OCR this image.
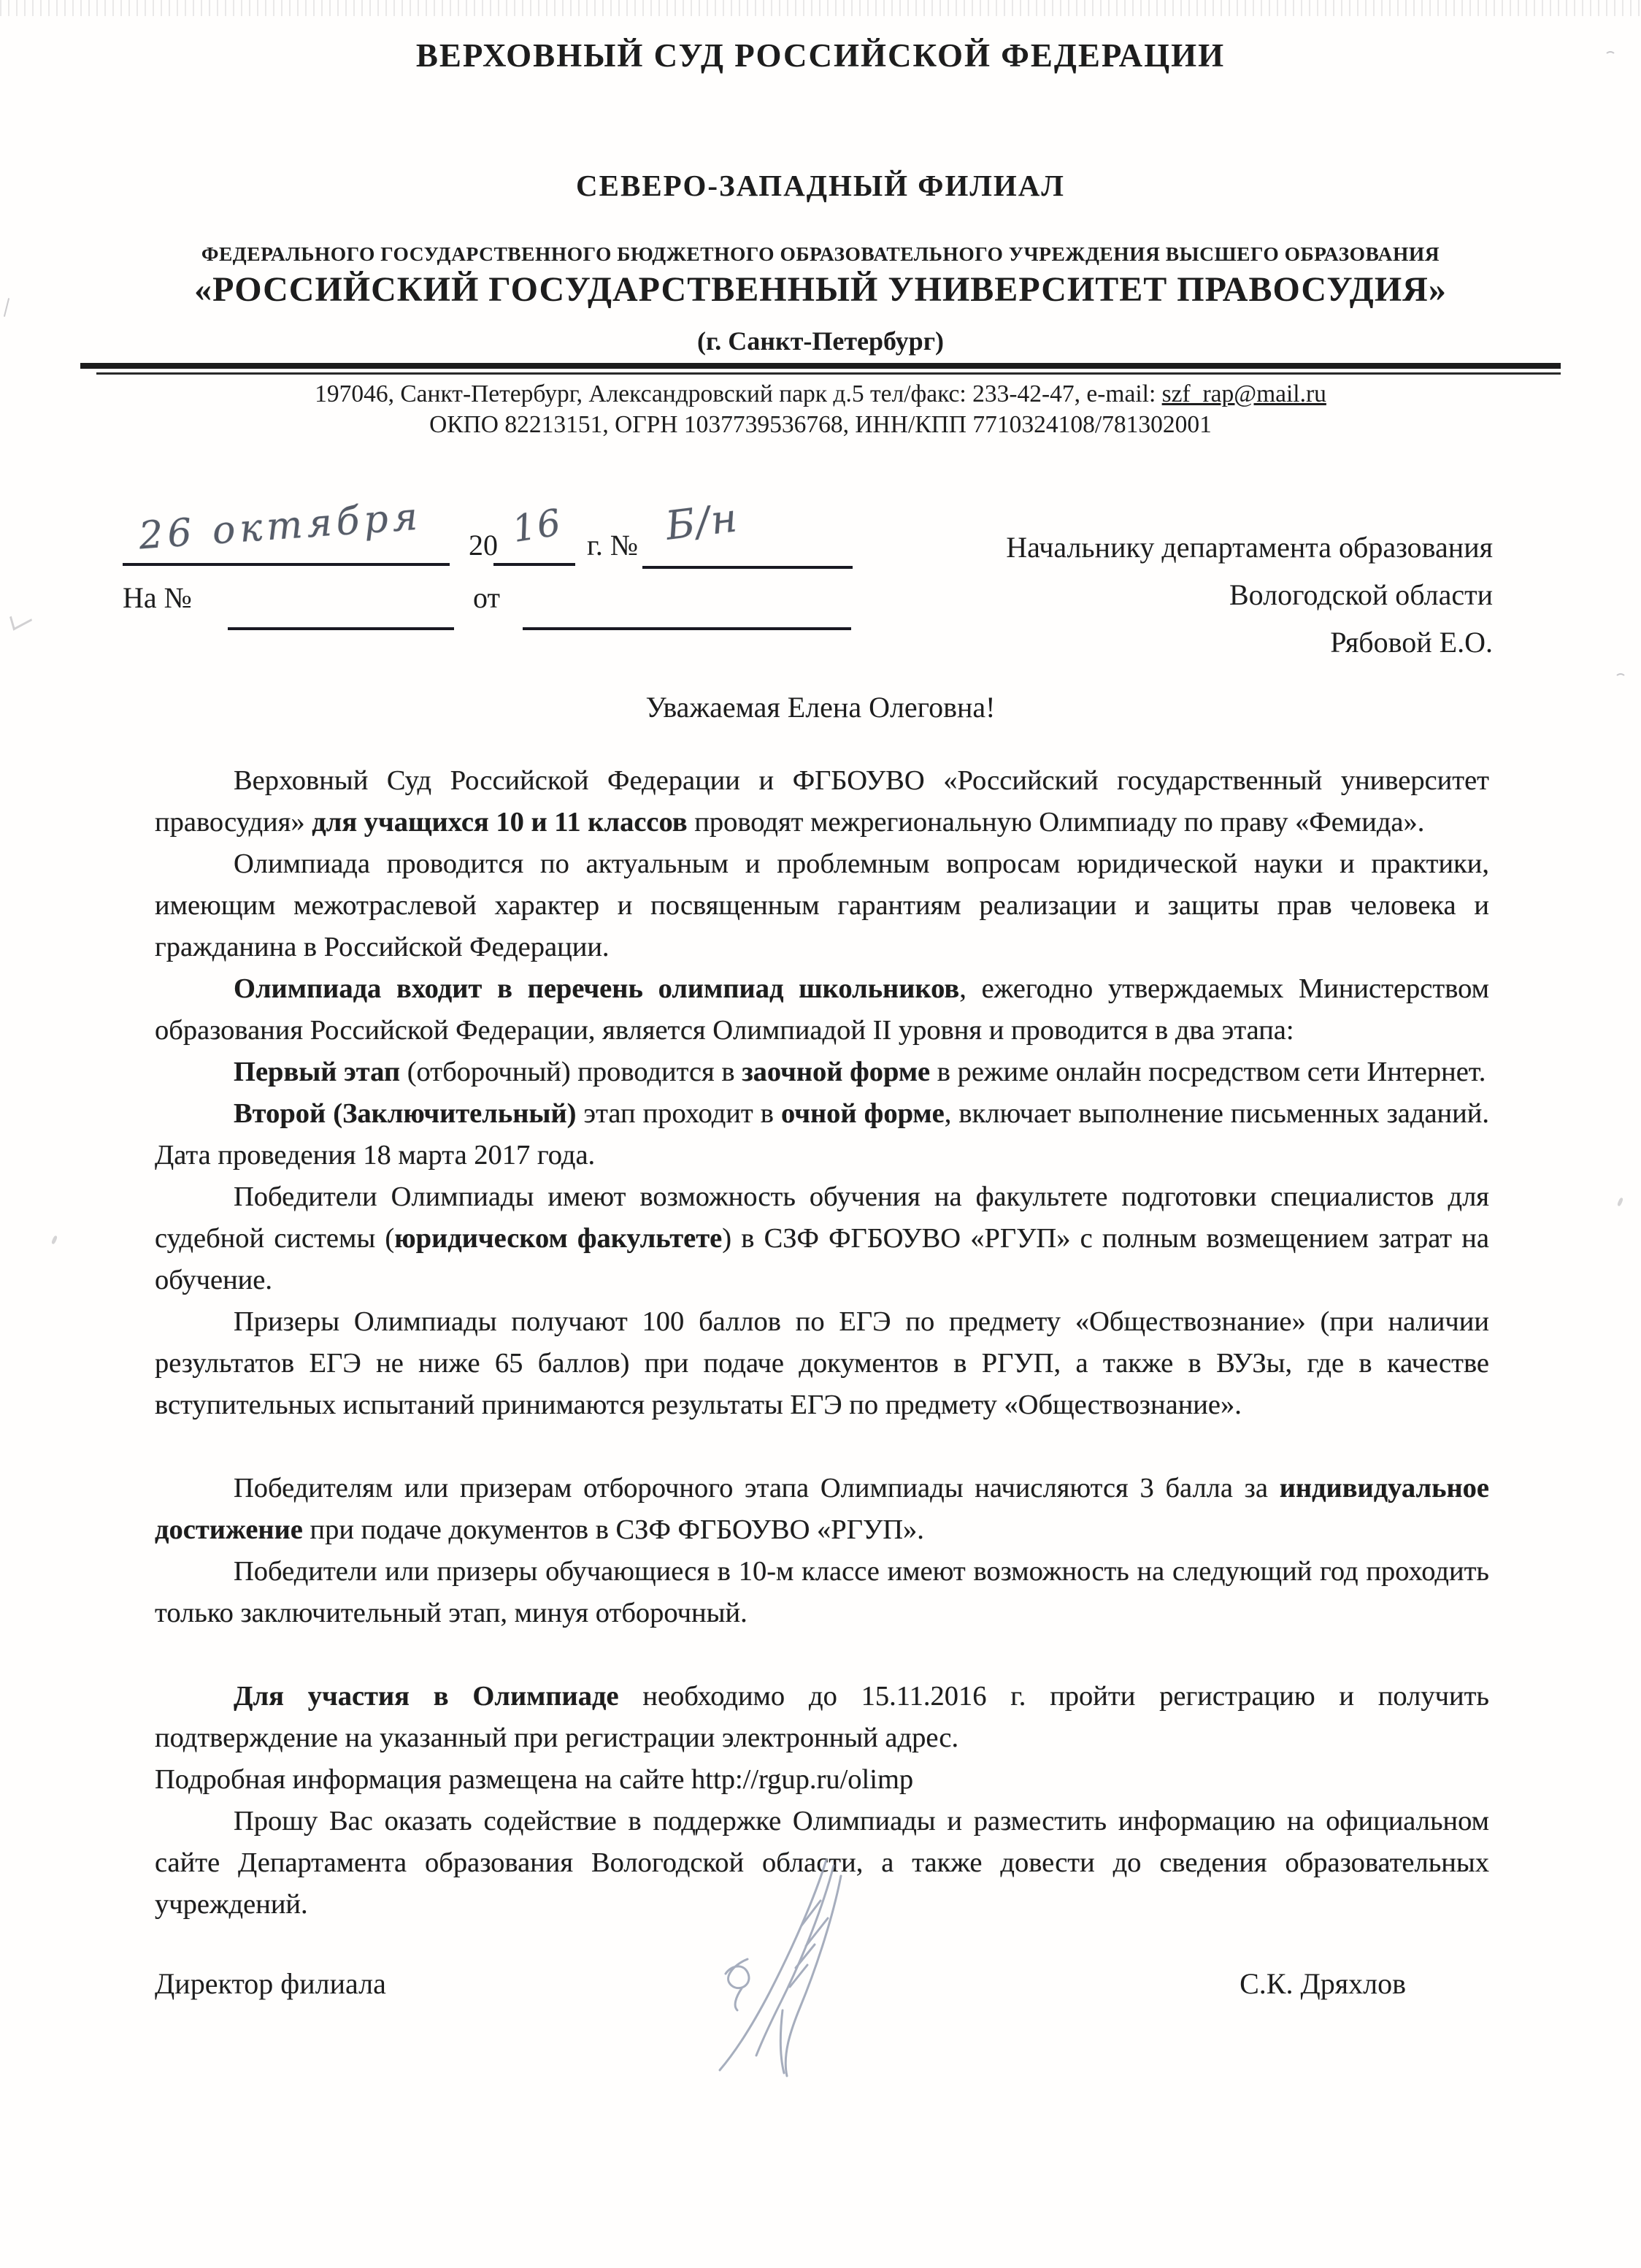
ВЕРХОВНЫЙ СУД РОССИЙСКОЙ ФЕДЕРАЦИИ
СЕВЕРО-ЗАПАДНЫЙ ФИЛИАЛ
ФЕДЕРАЛЬНОГО ГОСУДАРСТВЕННОГО БЮДЖЕТНОГО ОБРАЗОВАТЕЛЬНОГО УЧРЕЖДЕНИЯ ВЫСШЕГО ОБРАЗОВАНИЯ
«РОССИЙСКИЙ ГОСУДАРСТВЕННЫЙ УНИВЕРСИТЕТ ПРАВОСУДИЯ»
(г. Санкт-Петербург)
197046, Санкт-Петербург, Александровский парк д.5 тел/факс: 233-42-47, e-mail: szf_rap@mail.ru
ОКПО 82213151, ОГРН 1037739536768, ИНН/КПП 7710324108/781302001
26 октября 20 16 г. № Б/н
На №	от
Начальнику департамента образования
Вологодской области
Рябовой Е.О.
Уважаемая Елена Олеговна!

Верховный Суд Российской Федерации и ФГБОУВО «Российский государственный университет правосудия» для учащихся 10 и 11 классов проводят межрегиональную Олимпиаду по праву «Фемида».

Олимпиада проводится по актуальным и проблемным вопросам юридической науки и практики, имеющим межотраслевой характер и посвященным гарантиям реализации и защиты прав человека и гражданина в Российской Федерации.

Олимпиада входит в перечень олимпиад школьников, ежегодно утверждаемых Министерством образования Российской Федерации, является Олимпиадой II уровня и проводится в два этапа:

Первый этап (отборочный) проводится в заочной форме в режиме онлайн посредством сети Интернет.

Второй (Заключительный) этап проходит в очной форме, включает выполнение письменных заданий. Дата проведения 18 марта 2017 года.

Победители Олимпиады имеют возможность обучения на факультете подготовки специалистов для судебной системы (юридическом факультете) в СЗФ ФГБОУВО «РГУП» с полным возмещением затрат на обучение.

Призеры Олимпиады получают 100 баллов по ЕГЭ по предмету «Обществознание» (при наличии результатов ЕГЭ не ниже 65 баллов) при подаче документов в РГУП, а также в ВУЗы, где в качестве вступительных испытаний принимаются результаты ЕГЭ по предмету «Обществознание».

Победителям или призерам отборочного этапа Олимпиады начисляются 3 балла за индивидуальное достижение при подаче документов в СЗФ ФГБОУВО «РГУП».

Победители или призеры обучающиеся в 10-м классе имеют возможность на следующий год проходить только заключительный этап, минуя отборочный.

Для участия в Олимпиаде необходимо до 15.11.2016 г. пройти регистрацию и получить подтверждение на указанный при регистрации электронный адрес.

Подробная информация размещена на сайте http://rgup.ru/olimp

Прошу Вас оказать содействие в поддержке Олимпиады и разместить информацию на официальном сайте Департамента образования Вологодской области, а также довести до сведения образовательных учреждений.

Директор филиала	С.К. Дряхлов
